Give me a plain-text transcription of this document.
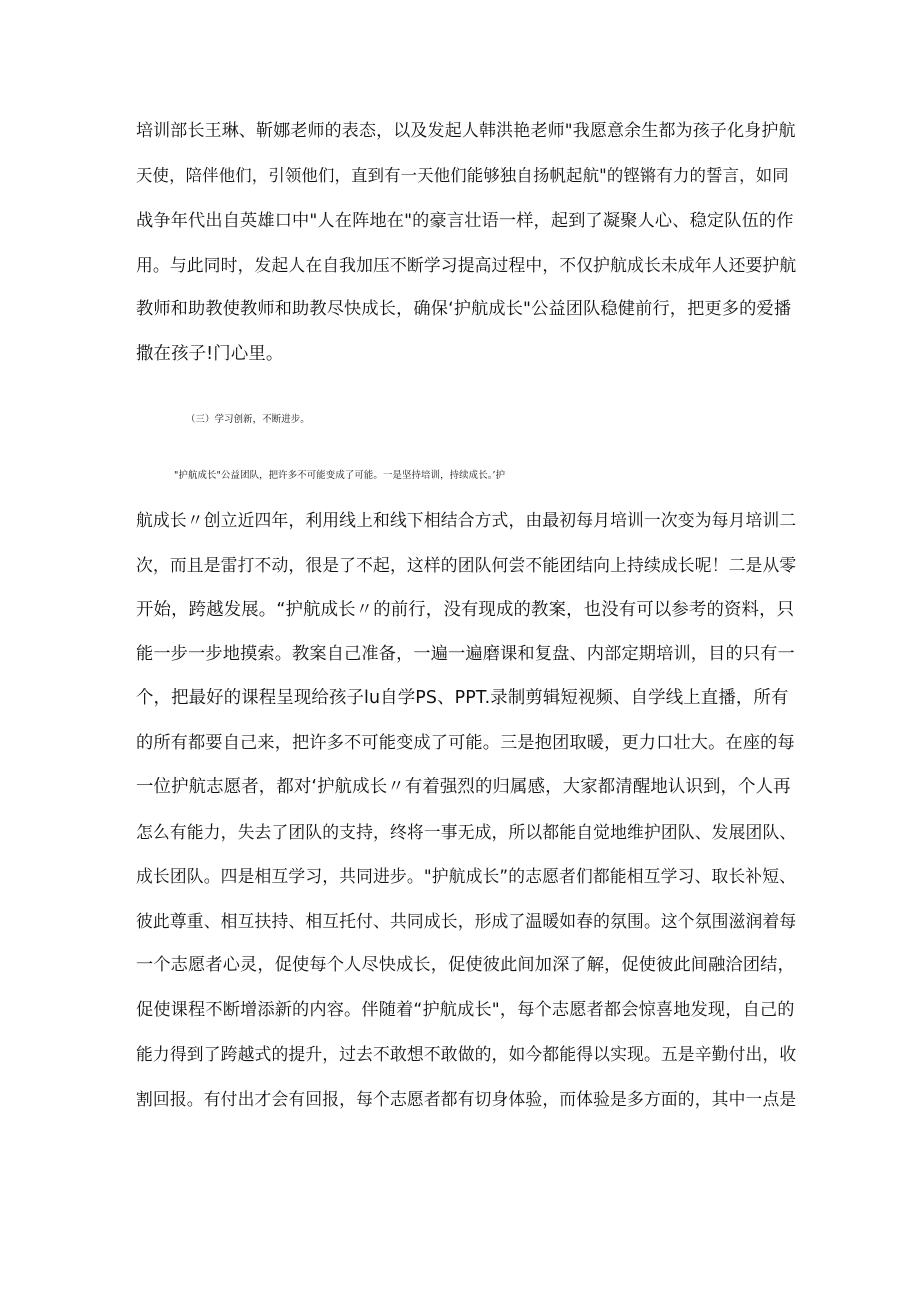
培训部长王琳、靳娜老师的表态，以及发起人韩洪艳老师"我愿意余生都为孩子化身护航
天使，陪伴他们，引领他们，直到有一天他们能够独自扬帆起航"的铿锵有力的誓言，如同
战争年代出自英雄口中"人在阵地在"的豪言壮语一样，起到了凝聚人心、稳定队伍的作
用。与此同时，发起人在自我加压不断学习提高过程中，不仅护航成长未成年人还要护航
教师和助教使教师和助教尽快成长，确保‘护航成长"公益团队稳健前行，把更多的爱播
撒在孩子!门心里。
（三）学习创新，不断进步。
"护航成长"公益团队，把许多不可能变成了可能。一是坚持培训，持续成长。’护
航成长〃创立近四年，利用线上和线下相结合方式，由最初每月培训一次变为每月培训二
次，而且是雷打不动，很是了不起，这样的团队何尝不能团结向上持续成长呢！二是从零
开始，跨越发展。“护航成长〃的前行，没有现成的教案，也没有可以参考的资料，只
能一步一步地摸索。教案自己准备，一遍一遍磨课和复盘、内部定期培训，目的只有一
个，把最好的课程呈现给孩子lu自学PS、PPT.录制剪辑短视频、自学线上直播，所有
的所有都要自己来，把许多不可能变成了可能。三是抱团取暖，更力口壮大。在座的每
一位护航志愿者，都对‘护航成长〃有着强烈的归属感，大家都清醒地认识到，个人再
怎么有能力，失去了团队的支持，终将一事无成，所以都能自觉地维护团队、发展团队、
成长团队。四是相互学习，共同进步。"护航成长”的志愿者们都能相互学习、取长补短、
彼此尊重、相互扶持、相互托付、共同成长，形成了温暖如春的氛围。这个氛围滋润着每
一个志愿者心灵，促使每个人尽快成长，促使彼此间加深了解，促使彼此间融洽团结，
促使课程不断增添新的内容。伴随着“护航成长"，每个志愿者都会惊喜地发现，自己的
能力得到了跨越式的提升，过去不敢想不敢做的，如今都能得以实现。五是辛勤付出，收
割回报。有付出才会有回报，每个志愿者都有切身体验，而体验是多方面的，其中一点是
